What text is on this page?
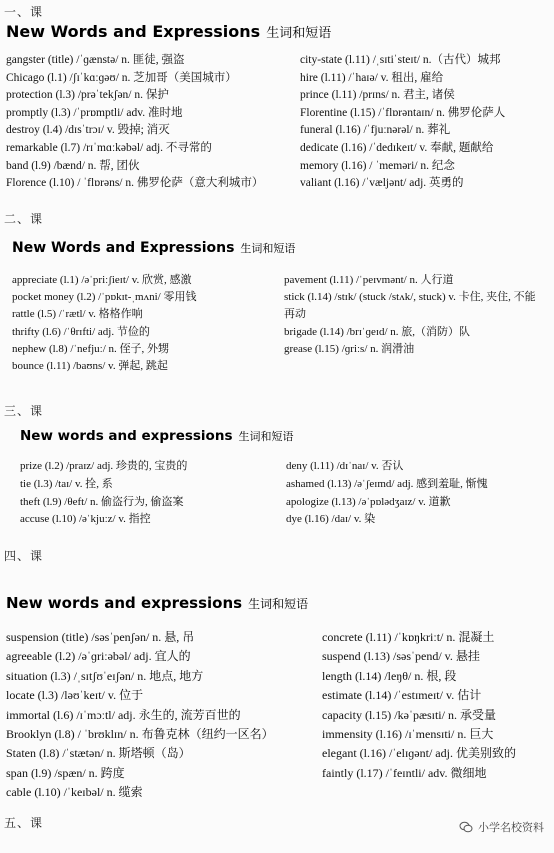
一、课
New Words and Expressions 生词和短语
gangster (title) /ˈɡænstə/ n. 匪徒, 强盗
Chicago (l.1) /ʃɪˈkɑːɡəʊ/ n. 芝加哥（美国城市）
protection (l.3) /prəˈtekʃən/ n. 保护
promptly (l.3) /ˈprɒmptli/ adv. 准时地
destroy (l.4) /dɪsˈtrɔɪ/ v. 毁掉; 消灭
remarkable (l.7) /rɪˈmɑːkəbəl/ adj. 不寻常的
band (l.9) /bænd/ n. 帮, 团伙
Florence (l.10) / ˈflɒrəns/ n. 佛罗伦萨（意大利城市）
city-state (l.11) /ˌsɪtiˈsteɪt/ n.（古代）城邦
hire (l.11) /ˈhaɪə/ v. 租出, 雇给
prince (l.11) /prɪns/ n. 君主, 诸侯
Florentine (l.15) /ˈflɒrəntaɪn/ n. 佛罗伦萨人
funeral (l.16) /ˈfjuːnərəl/ n. 葬礼
dedicate (l.16) /ˈdedɪkeɪt/ v. 奉献, 题献给
memory (l.16) / ˈmeməri/ n. 纪念
valiant (l.16) /ˈvæljənt/ adj. 英勇的
二、课
New Words and Expressions 生词和短语
appreciate (l.1) /əˈpriːʃieɪt/ v. 欣赏, 感激
pocket money (l.2) /ˈpɒkɪt-ˌmʌni/ 零用钱
rattle (l.5) /ˈrætl/ v. 格格作响
thrifty (l.6) /ˈθrɪfti/ adj. 节俭的
nephew (l.8) /ˈnefjuː/ n. 侄子, 外甥
bounce (l.11) /baʊns/ v. 弹起, 跳起
pavement (l.11) /ˈpeɪvmənt/ n. 人行道
stick (l.14) /stɪk/ (stuck /stʌk/, stuck) v. 卡住, 夹住, 不能再动
brigade (l.14) /brɪˈɡeɪd/ n. 旅,（消防）队
grease (l.15) /ɡriːs/ n. 润滑油
三、课
New words and expressions 生词和短语
prize (l.2) /praɪz/ adj. 珍贵的, 宝贵的
tie (l.3) /taɪ/ v. 拴, 系
theft (l.9) /θeft/ n. 偷盗行为, 偷盗案
accuse (l.10) /əˈkjuːz/ v. 指控
deny (l.11) /dɪˈnaɪ/ v. 否认
ashamed (l.13) /əˈʃeɪmd/ adj. 感到羞耻, 惭愧
apologize (l.13) /əˈpɒlədʒaɪz/ v. 道歉
dye (l.16) /daɪ/ v. 染
四、课
New words and expressions 生词和短语
suspension (title) /səsˈpenʃən/ n. 悬, 吊
agreeable (l.2) /əˈɡriːəbəl/ adj. 宜人的
situation (l.3) /ˌsɪtʃʊˈeɪʃən/ n. 地点, 地方
locate (l.3) /ləʊˈkeɪt/ v. 位于
immortal (l.6) /ɪˈmɔːtl/ adj. 永生的, 流芳百世的
Brooklyn (l.8) / ˈbrʊklɪn/ n. 布鲁克林（纽约一区名）
Staten (l.8) /ˈstætən/ n. 斯塔顿（岛）
span (l.9) /spæn/ n. 跨度
cable (l.10) /ˈkeɪbəl/ n. 缆索
concrete (l.11) /ˈkɒŋkriːt/ n. 混凝土
suspend (l.13) /səsˈpend/ v. 悬挂
length (l.14) /leŋθ/ n. 根, 段
estimate (l.14) /ˈestɪmeɪt/ v. 估计
capacity (l.15) /kəˈpæsɪti/ n. 承受量
immensity (l.16) /ɪˈmensɪti/ n. 巨大
elegant (l.16) /ˈelɪɡənt/ adj. 优美别致的
faintly (l.17) /ˈfeɪntli/ adv. 微细地
五、课	小学名校资料
